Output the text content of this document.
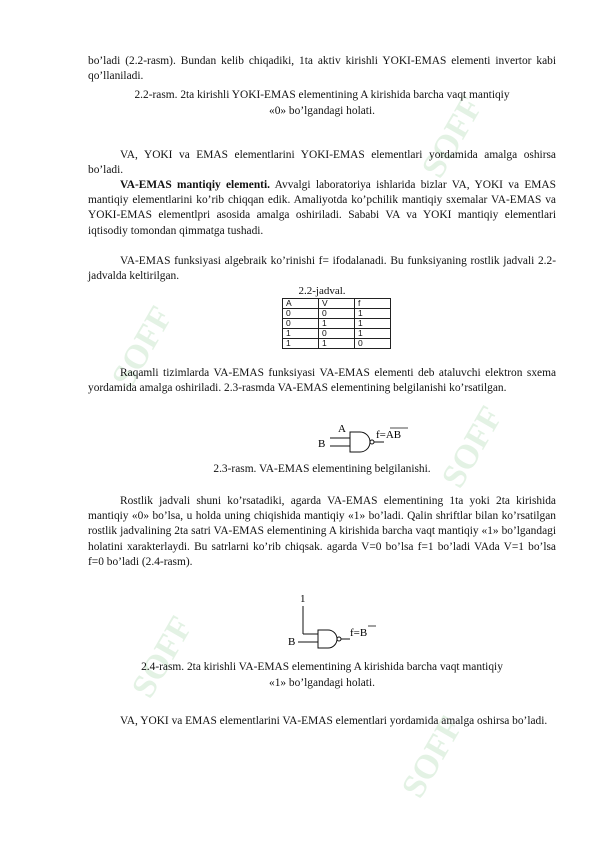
SOFF
SOFF
SOFF
SOFF
SOFF

bo’ladi (2.2-rasm). Bundan kelib chiqadiki, 1ta aktiv kirishli YOKI-EMAS elementi invertor kabi qo’llaniladi.

2.2-rasm. 2ta kirishli YOKI-EMAS elementining A kirishida barcha vaqt mantiqiy

«0» bo’lgandagi holati.

VA, YOKI va EMAS elementlarini YOKI-EMAS elementlari yordamida amalga oshirsa bo’ladi.

VA-EMAS mantiqiy elementi. Avvalgi laboratoriya ishlarida bizlar VA, YOKI va EMAS mantiqiy elementlarini ko’rib chiqqan edik. Amaliyotda ko’pchilik mantiqiy sxemalar VA-EMAS va YOKI-EMAS elementlpri asosida amalga oshiriladi. Sababi VA va YOKI mantiqiy elementlari iqtisodiy tomondan qimmatga tushadi.

VA-EMAS funksiyasi algebraik ko’rinishi f= ifodalanadi. Bu funksiyaning rostlik jadvali 2.2-jadvalda keltirilgan.

2.2-jadval.

A	V	f
0	0	1
0	1	1
1	0	1
1	1	0

Raqamli tizimlarda VA-EMAS funksiyasi VA-EMAS elementi deb ataluvchi elektron sxema yordamida amalga oshiriladi. 2.3-rasmda VA-EMAS elementining belgilanishi ko’rsatilgan.

A
B
f=AB

2.3-rasm. VA-EMAS elementining belgilanishi.

Rostlik jadvali shuni ko’rsatadiki, agarda VA-EMAS elementining 1ta yoki 2ta kirishida mantiqiy «0» bo’lsa, u holda uning chiqishida mantiqiy «1» bo’ladi. Qalin shriftlar bilan ko’rsatilgan rostlik jadvalining 2ta satri VA-EMAS elementining A kirishida barcha vaqt mantiqiy «1» bo’lgandagi holatini xarakterlaydi. Bu satrlarni ko’rib chiqsak. agarda V=0 bo’lsa f=1 bo’ladi VAda V=1 bo’lsa f=0 bo’ladi (2.4-rasm).

1
B
f=B

2.4-rasm. 2ta kirishli VA-EMAS elementining A kirishida barcha vaqt mantiqiy

«1» bo’lgandagi holati.

VA, YOKI va EMAS elementlarini VA-EMAS elementlari yordamida amalga oshirsa bo’ladi.
